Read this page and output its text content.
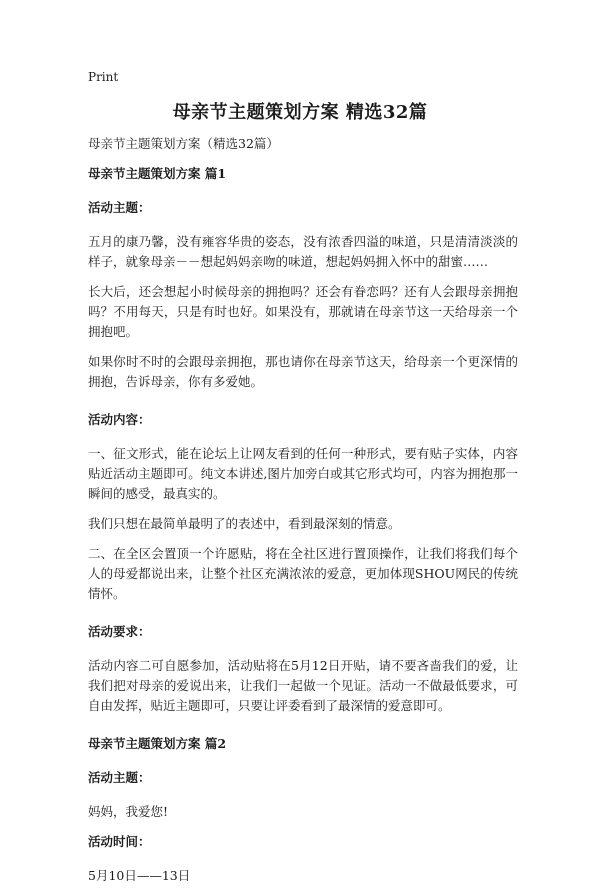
Print
母亲节主题策划方案 精选32篇
母亲节主题策划方案（精选32篇）
母亲节主题策划方案 篇1
活动主题：
五月的康乃馨，没有雍容华贵的姿态，没有浓香四溢的味道，只是清清淡淡的样子，就象母亲－－想起妈妈亲吻的味道，想起妈妈拥入怀中的甜蜜……
长大后，还会想起小时候母亲的拥抱吗？还会有眷恋吗？还有人会跟母亲拥抱吗？不用每天，只是有时也好。如果没有，那就请在母亲节这一天给母亲一个拥抱吧。
如果你时不时的会跟母亲拥抱，那也请你在母亲节这天，给母亲一个更深情的拥抱，告诉母亲，你有多爱她。
活动内容：
一、征文形式，能在论坛上让网友看到的任何一种形式，要有贴子实体，内容贴近活动主题即可。纯文本讲述,图片加旁白或其它形式均可，内容为拥抱那一瞬间的感受，最真实的。
我们只想在最简单最明了的表述中，看到最深刻的情意。
二、在全区会置顶一个许愿贴，将在全社区进行置顶操作，让我们将我们每个人的母爱都说出来，让整个社区充满浓浓的爱意，更加体现SHOU网民的传统情怀。
活动要求：
活动内容二可自愿参加，活动贴将在5月12日开贴，请不要吝啬我们的爱，让我们把对母亲的爱说出来，让我们一起做一个见证。活动一不做最低要求，可自由发挥，贴近主题即可，只要让评委看到了最深情的爱意即可。
母亲节主题策划方案 篇2
活动主题：
妈妈，我爱您!
活动时间：
5月10日——13日
